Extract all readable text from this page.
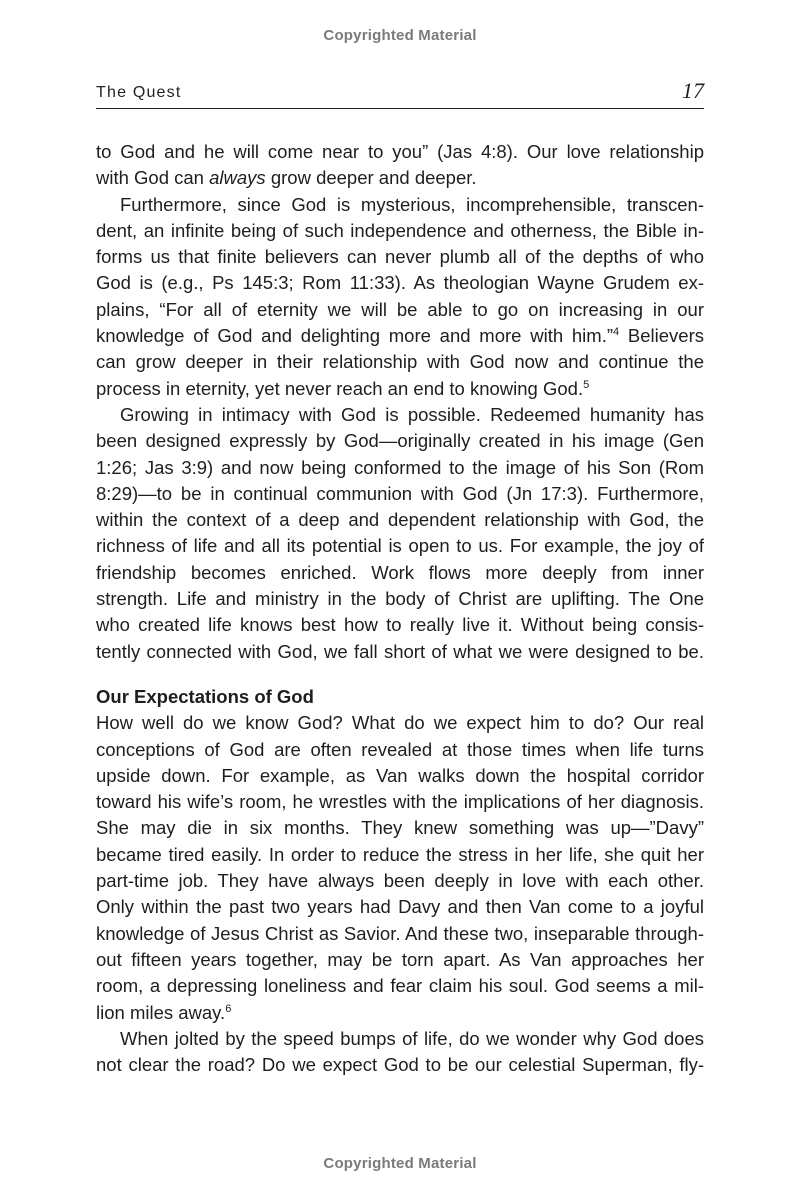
Copyrighted Material
The Quest	17
to God and he will come near to you” (Jas 4:8). Our love relationship
with God can always grow deeper and deeper.
Furthermore, since God is mysterious, incomprehensible, transcen-
dent, an infinite being of such independence and otherness, the Bible in-
forms us that finite believers can never plumb all of the depths of who
God is (e.g., Ps 145:3; Rom 11:33). As theologian Wayne Grudem ex-
plains, “For all of eternity we will be able to go on increasing in our
knowledge of God and delighting more and more with him.”$^4$ Believers
can grow deeper in their relationship with God now and continue the
process in eternity, yet never reach an end to knowing God.$^5$
Growing in intimacy with God is possible. Redeemed humanity has
been designed expressly by God—originally created in his image (Gen
1:26; Jas 3:9) and now being conformed to the image of his Son (Rom
8:29)—to be in continual communion with God (Jn 17:3). Furthermore,
within the context of a deep and dependent relationship with God, the
richness of life and all its potential is open to us. For example, the joy of
friendship becomes enriched. Work flows more deeply from inner
strength. Life and ministry in the body of Christ are uplifting. The One
who created life knows best how to really live it. Without being consis-
tently connected with God, we fall short of what we were designed to be.
Our Expectations of God
How well do we know God? What do we expect him to do? Our real
conceptions of God are often revealed at those times when life turns
upside down. For example, as Van walks down the hospital corridor
toward his wife’s room, he wrestles with the implications of her diagnosis.
She may die in six months. They knew something was up—”Davy”
became tired easily. In order to reduce the stress in her life, she quit her
part-time job. They have always been deeply in love with each other.
Only within the past two years had Davy and then Van come to a joyful
knowledge of Jesus Christ as Savior. And these two, inseparable through-
out fifteen years together, may be torn apart. As Van approaches her
room, a depressing loneliness and fear claim his soul. God seems a mil-
lion miles away.$^6$
When jolted by the speed bumps of life, do we wonder why God does
not clear the road? Do we expect God to be our celestial Superman, fly-
Copyrighted Material
